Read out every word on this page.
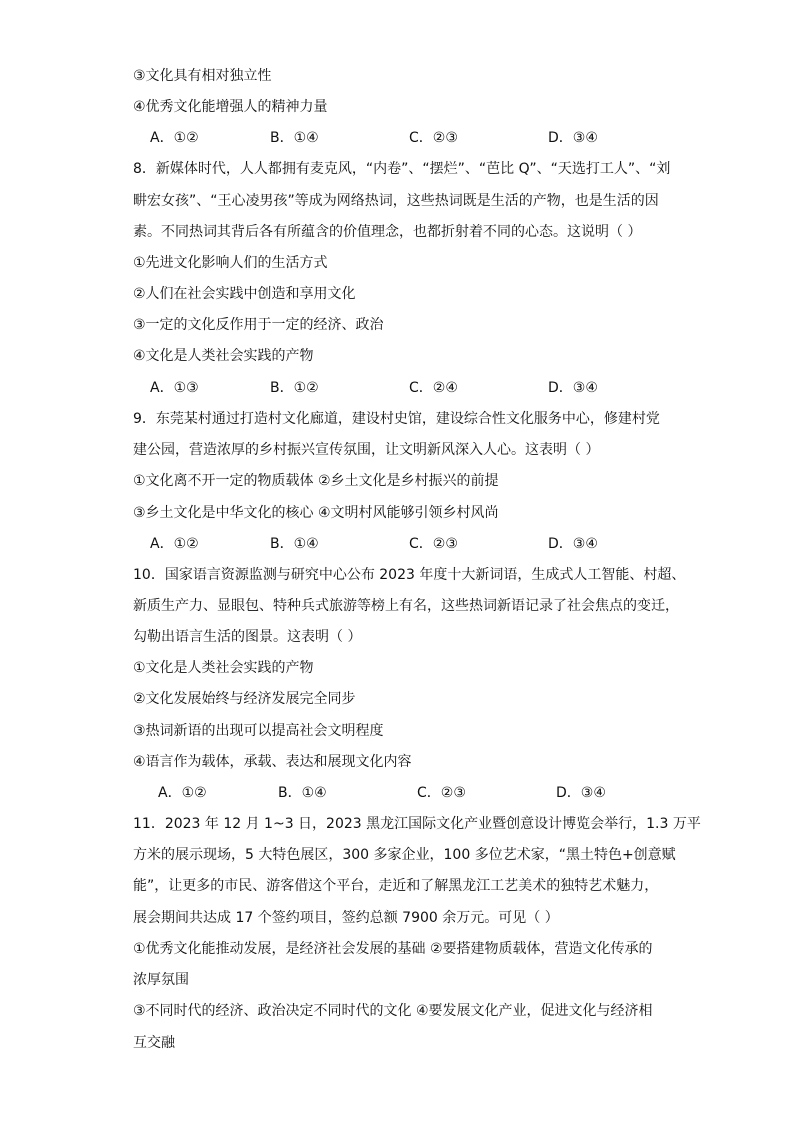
③文化具有相对独立性
④优秀文化能增强人的精神力量
A．①②	B．①④	C．②③	D．③④
8．新媒体时代，人人都拥有麦克风，“内卷”、“摆烂”、“芭比 Q”、“天选打工人”、“刘
畊宏女孩”、“王心凌男孩”等成为网络热词，这些热词既是生活的产物，也是生活的因
素。不同热词其背后各有所蕴含的价值理念，也都折射着不同的心态。这说明（ ）
①先进文化影响人们的生活方式
②人们在社会实践中创造和享用文化
③一定的文化反作用于一定的经济、政治
④文化是人类社会实践的产物
A．①③	B．①②	C．②④	D．③④
9．东莞某村通过打造村文化廊道，建设村史馆，建设综合性文化服务中心，修建村党
建公园，营造浓厚的乡村振兴宣传氛围，让文明新风深入人心。这表明（ ）
①文化离不开一定的物质载体 ②乡土文化是乡村振兴的前提
③乡土文化是中华文化的核心 ④文明村风能够引领乡村风尚
A．①②	B．①④	C．②③	D．③④
10．国家语言资源监测与研究中心公布 2023 年度十大新词语，生成式人工智能、村超、
新质生产力、显眼包、特种兵式旅游等榜上有名，这些热词新语记录了社会焦点的变迁，
勾勒出语言生活的图景。这表明（ ）
①文化是人类社会实践的产物
②文化发展始终与经济发展完全同步
③热词新语的出现可以提高社会文明程度
④语言作为载体，承载、表达和展现文化内容
A．①②	B．①④	C．②③	D．③④
11．2023 年 12 月 1~3 日，2023 黑龙江国际文化产业暨创意设计博览会举行，1.3 万平
方米的展示现场，5 大特色展区，300 多家企业，100 多位艺术家，“黑土特色+创意赋
能”，让更多的市民、游客借这个平台，走近和了解黑龙江工艺美术的独特艺术魅力，
展会期间共达成 17 个签约项目，签约总额 7900 余万元。可见（ ）
①优秀文化能推动发展，是经济社会发展的基础 ②要搭建物质载体，营造文化传承的
浓厚氛围
③不同时代的经济、政治决定不同时代的文化 ④要发展文化产业，促进文化与经济相
互交融
